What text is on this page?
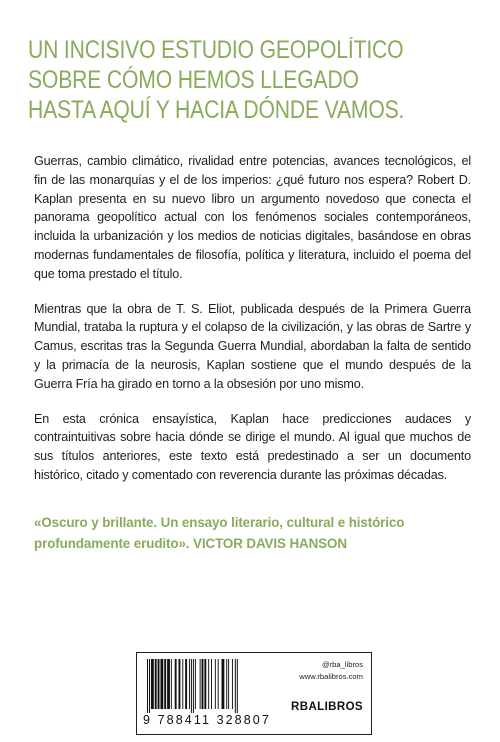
UN INCISIVO ESTUDIO GEOPOLÍTICO
SOBRE CÓMO HEMOS LLEGADO
HASTA AQUÍ Y HACIA DÓNDE VAMOS.

Guerras, cambio climático, rivalidad entre potencias, avances tecnológicos, el fin de las monarquías y el de los imperios: ¿qué futuro nos espera? Robert D. Kaplan presenta en su nuevo libro un argumento novedoso que conecta el panorama geopolítico actual con los fenómenos sociales contemporáneos, incluida la urbanización y los medios de noticias digitales, basándose en obras modernas fundamentales de filosofía, política y literatura, incluido el poema del que toma prestado el título.

Mientras que la obra de T. S. Eliot, publicada después de la Primera Guerra Mundial, trataba la ruptura y el colapso de la civilización, y las obras de Sartre y Camus, escritas tras la Segunda Guerra Mundial, abordaban la falta de sentido y la primacía de la neurosis, Kaplan sostiene que el mundo después de la Guerra Fría ha girado en torno a la obsesión por uno mismo.

En esta crónica ensayística, Kaplan hace predicciones audaces y contraintuitivas sobre hacia dónde se dirige el mundo. Al igual que muchos de sus títulos anteriores, este texto está predestinado a ser un documento histórico, citado y comentado con reverencia durante las próximas décadas.

«Oscuro y brillante. Un ensayo literario, cultural e histórico profundamente erudito». VICTOR DAVIS HANSON
9 788411 328807
@rba_libros
www.rbalibros.com
RBALIBROS
